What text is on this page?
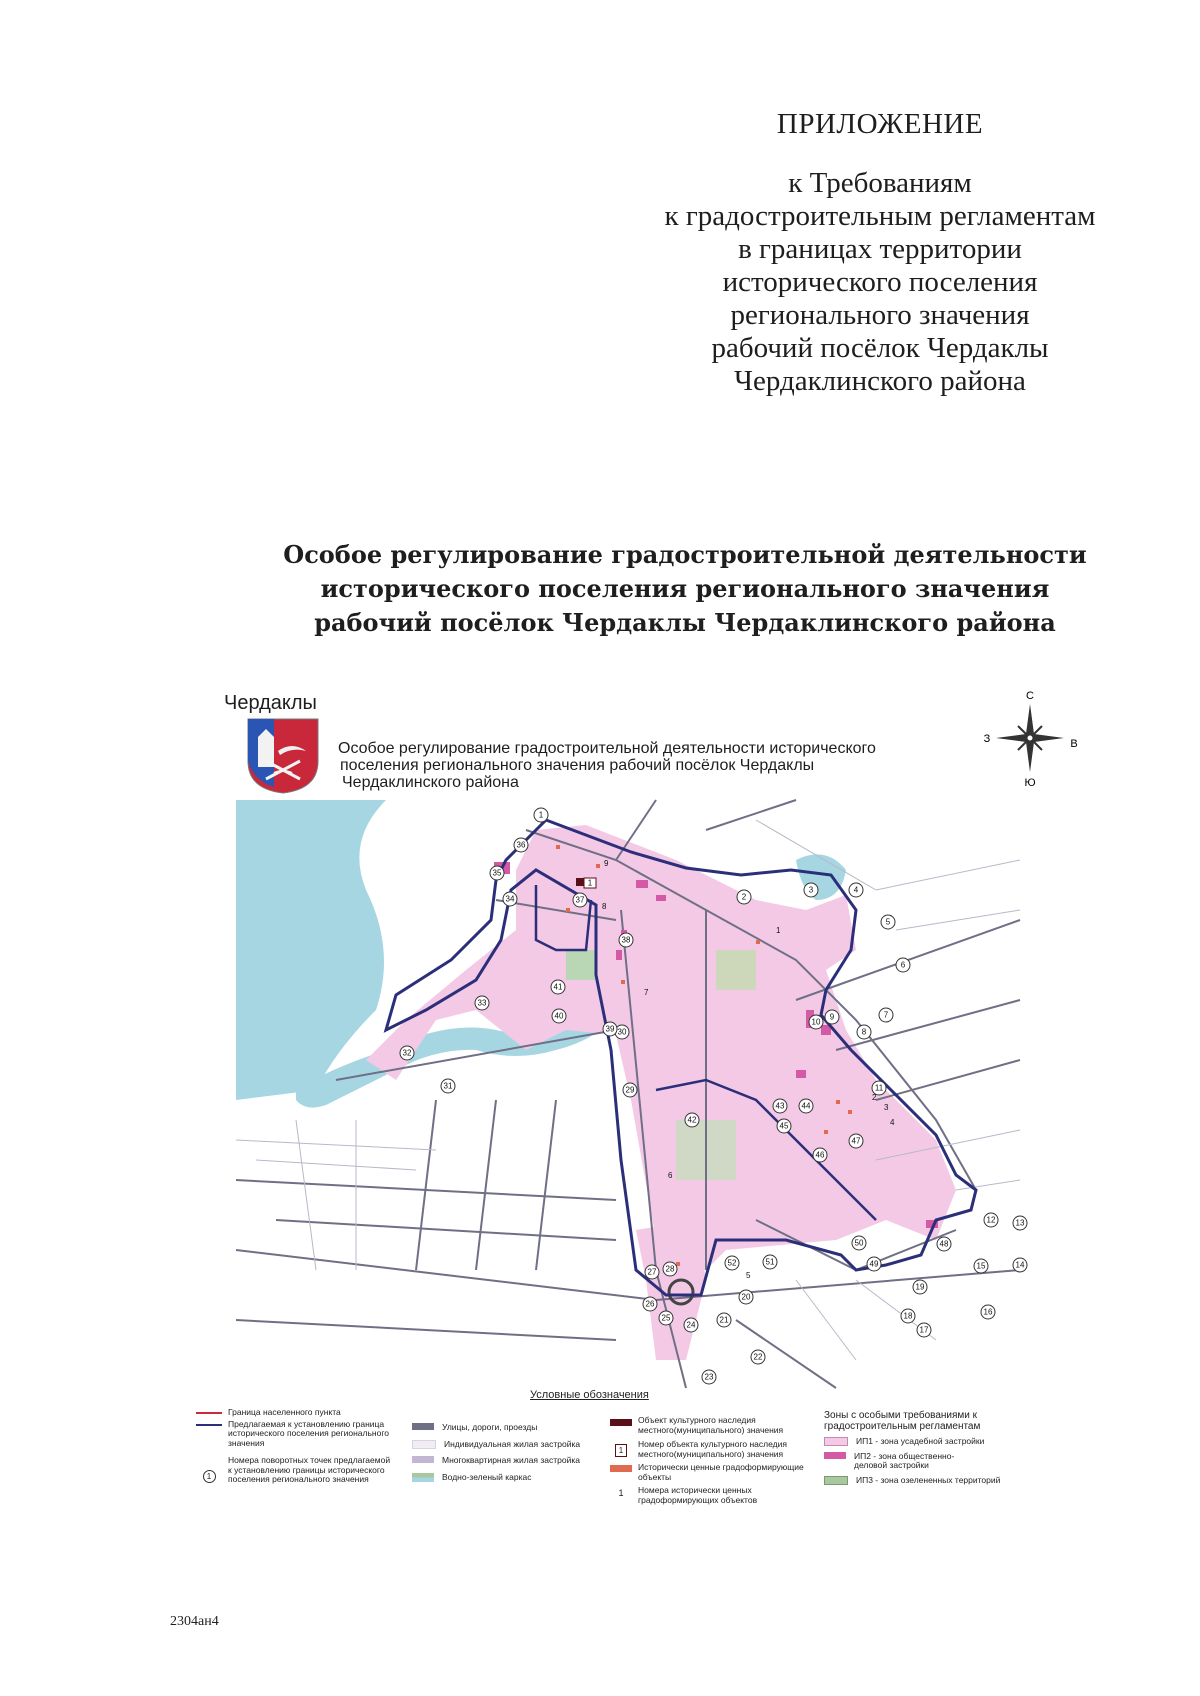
ПРИЛОЖЕНИЕ
к Требованиям
к градостроительным регламентам
в границах территории
исторического поселения
регионального значения
рабочий посёлок Чердаклы
Чердаклинского района
Особое регулирование градостроительной деятельности
исторического поселения регионального значения
рабочий посёлок Чердаклы Чердаклинского района
Чердаклы
Особое регулирование градостроительной деятельности исторического
поселения регионального значения рабочий посёлок Чердаклы
Чердаклинского района
С
Ю
З	В
1
1
2
3	4
5
6
7
8
9
10
11
12	13
14
15
16
17
18
19
20
21
22
23
24
25
26
27 28
29
30
31
32
33
34
35
36
37
38
39
40
41
42
43 44
45
46
47
48
49
50
51
52
1
2
3
4
5
6
7
8
9
Условные обозначения
Граница населенного пункта
Предлагаемая к установлению граница исторического поселения регионального значения
1
Номера поворотных точек предлагаемой к установлению границы исторического поселения регионального значения
Улицы, дороги, проезды
Индивидуальная жилая застройка
Многоквартирная жилая застройка
Водно-зеленый каркас
Объект культурного наследия местного(муниципального) значения
1
Номер объекта культурного наследия местного(муниципального) значения
Исторически ценные градоформирующие объекты
1	Номера исторически ценных градоформирующих объектов
Зоны с особыми требованиями к градостроительным регламентам
ИП1 - зона усадебной застройки
ИП2 - зона общественно-деловой застройки
ИП3 - зона озелененных территорий
2304ан4
